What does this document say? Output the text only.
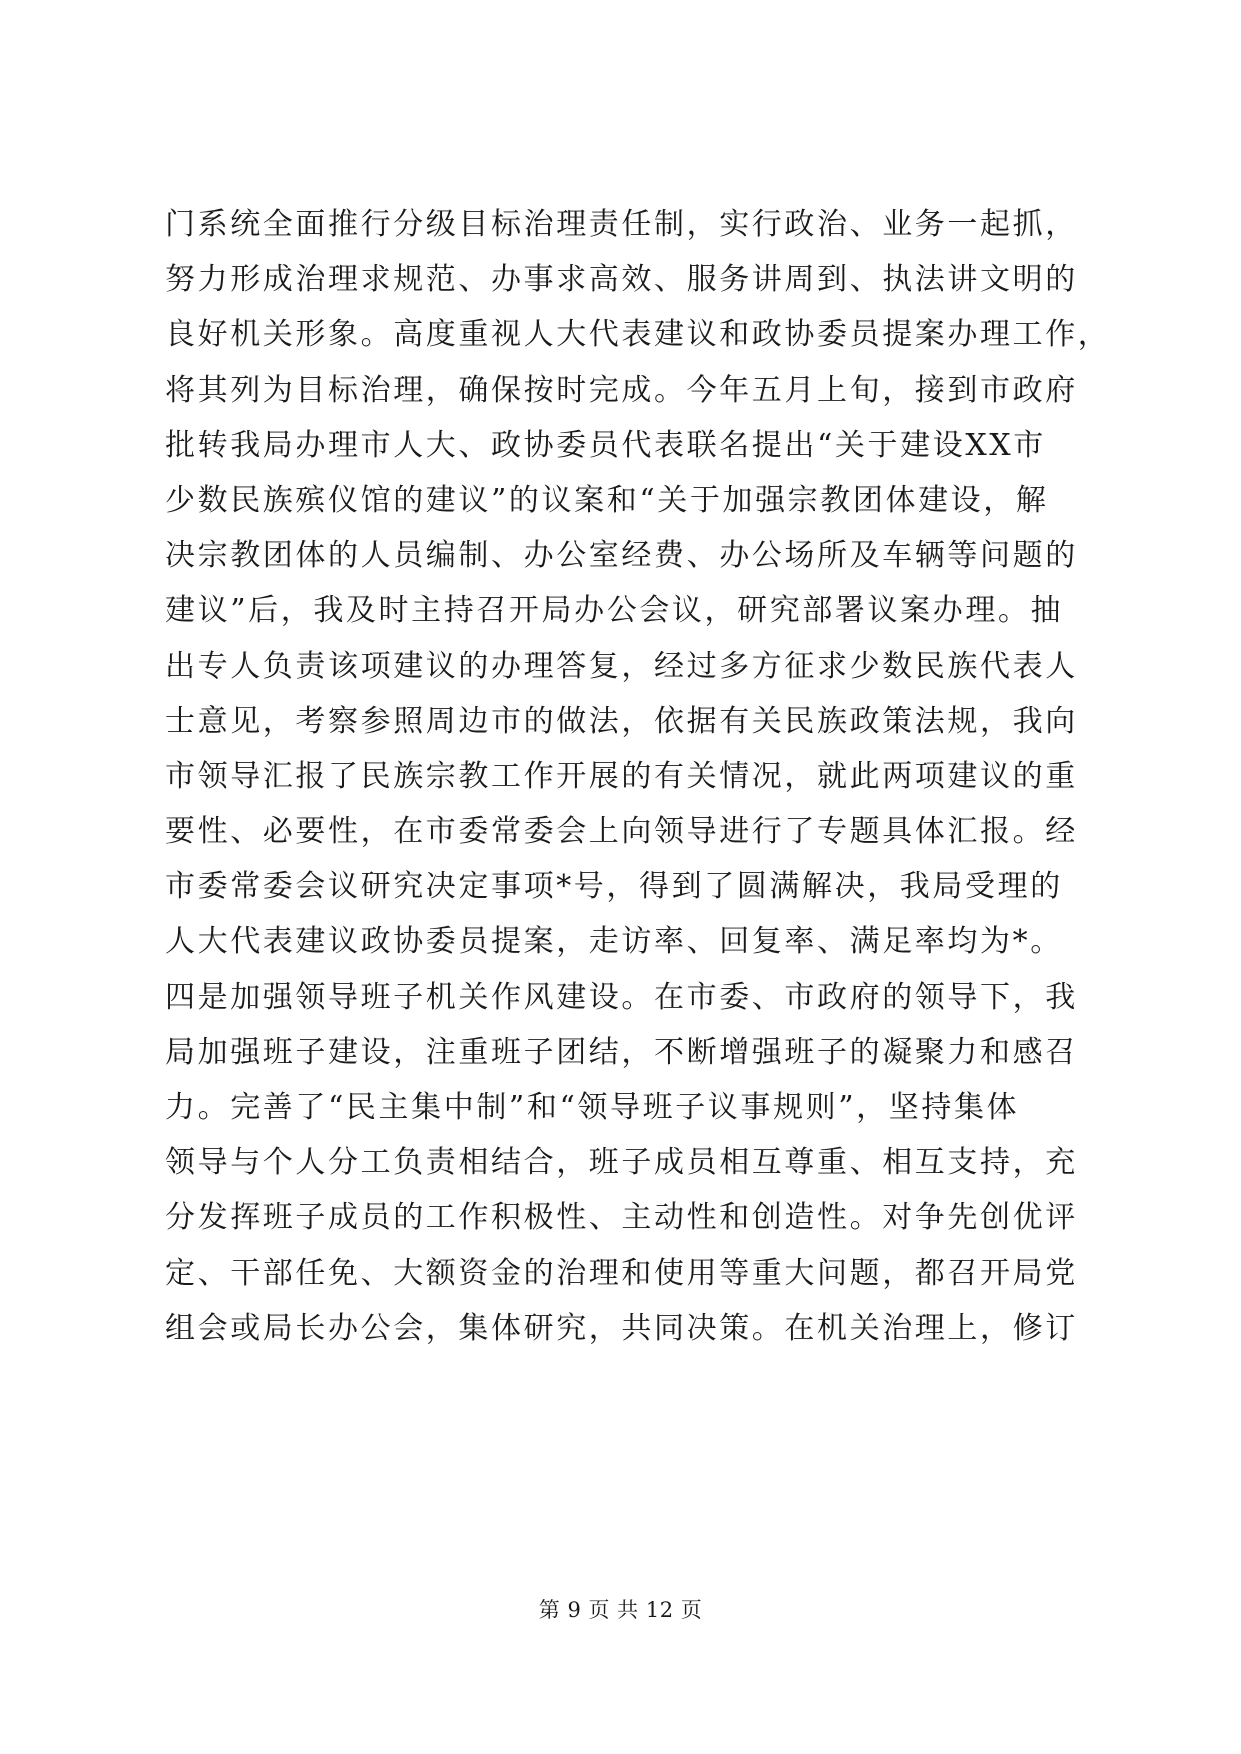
门系统全面推行分级目标治理责任制，实行政治、业务一起抓，
努力形成治理求规范、办事求高效、服务讲周到、执法讲文明的
良好机关形象。高度重视人大代表建议和政协委员提案办理工作，
将其列为目标治理，确保按时完成。今年五月上旬，接到市政府
批转我局办理市人大、政协委员代表联名提出“关于建设XX市
少数民族殡仪馆的建议”的议案和“关于加强宗教团体建设，解
决宗教团体的人员编制、办公室经费、办公场所及车辆等问题的
建议”后，我及时主持召开局办公会议，研究部署议案办理。抽
出专人负责该项建议的办理答复，经过多方征求少数民族代表人
士意见，考察参照周边市的做法，依据有关民族政策法规，我向
市领导汇报了民族宗教工作开展的有关情况，就此两项建议的重
要性、必要性，在市委常委会上向领导进行了专题具体汇报。经
市委常委会议研究决定事项*号，得到了圆满解决，我局受理的
人大代表建议政协委员提案，走访率、回复率、满足率均为*。
四是加强领导班子机关作风建设。在市委、市政府的领导下，我
局加强班子建设，注重班子团结，不断增强班子的凝聚力和感召
力。完善了“民主集中制”和“领导班子议事规则”，坚持集体
领导与个人分工负责相结合，班子成员相互尊重、相互支持，充
分发挥班子成员的工作积极性、主动性和创造性。对争先创优评
定、干部任免、大额资金的治理和使用等重大问题，都召开局党
组会或局长办公会，集体研究，共同决策。在机关治理上，修订
第 9 页 共 12 页
